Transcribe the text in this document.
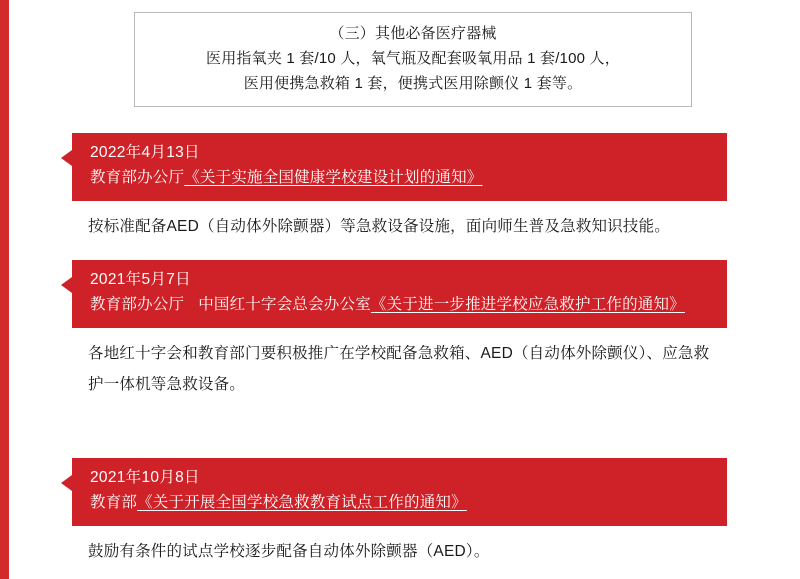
（三）其他必备医疗器械
医用指氧夹 1 套/10 人，氧气瓶及配套吸氧用品 1 套/100 人，
医用便携急救箱 1 套，便携式医用除颤仪 1 套等。
2022年4月13日
教育部办公厅《关于实施全国健康学校建设计划的通知》
按标准配备AED（自动体外除颤器）等急救设备设施，面向师生普及急救知识技能。
2021年5月7日
教育部办公厅 中国红十字会总会办公室《关于进一步推进学校应急救护工作的通知》
各地红十字会和教育部门要积极推广在学校配备急救箱、AED（自动体外除颤仪）、应急救护一体机等急救设备。
2021年10月8日
教育部《关于开展全国学校急救教育试点工作的通知》
鼓励有条件的试点学校逐步配备自动体外除颤器（AED）。
